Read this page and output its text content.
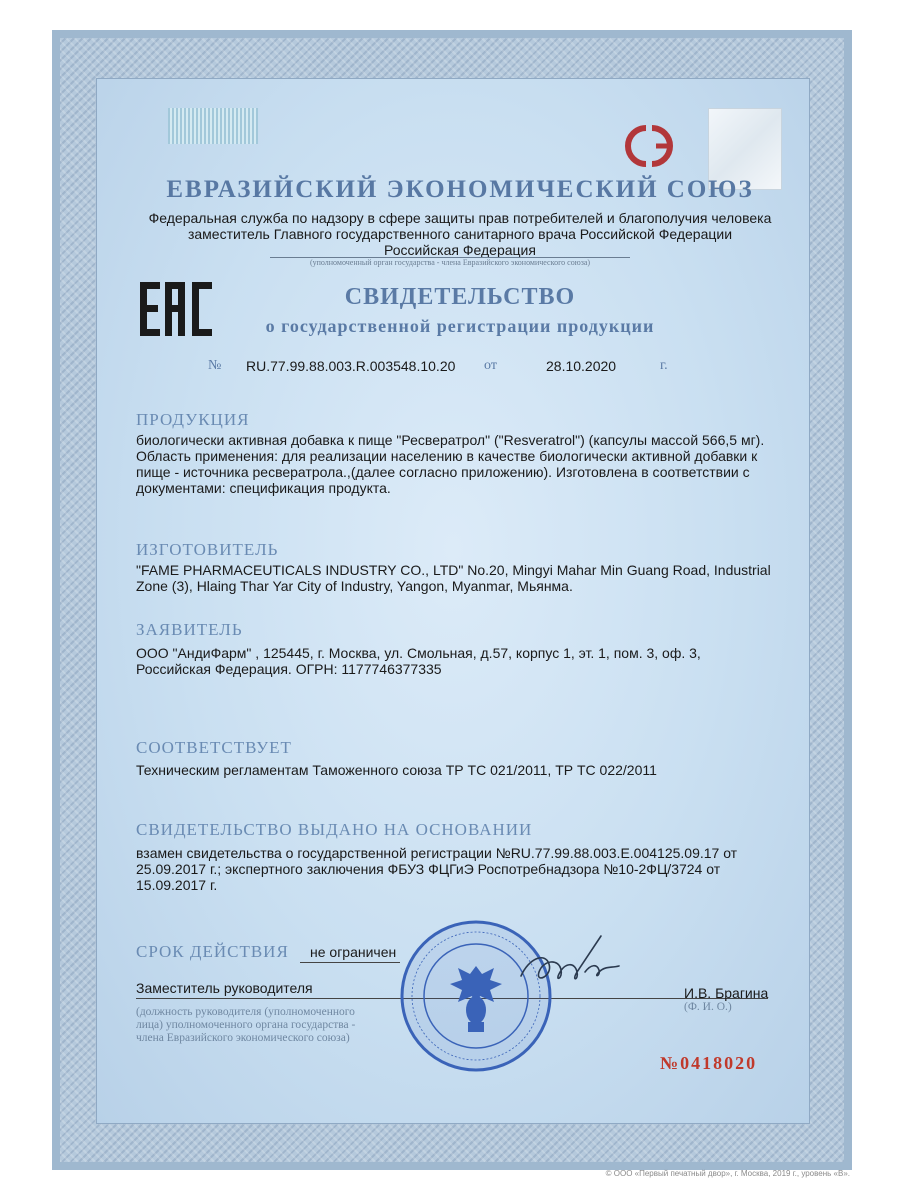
ЕВРАЗИЙСКИЙ ЭКОНОМИЧЕСКИЙ СОЮЗ

Федеральная служба по надзору в сфере защиты прав потребителей и благополучия человека
заместитель Главного государственного санитарного врача Российской Федерации
Российская Федерация

(уполномоченный орган государства - члена Евразийского экономического союза)

СВИДЕТЕЛЬСТВО

о государственной регистрации продукции

№ RU.77.99.88.003.R.003548.10.20 от	28.10.2020	г.

ПРОДУКЦИЯ

биологически активная добавка к пище "Ресвератрол" ("Resveratrol") (капсулы массой 566,5 мг).
Область применения: для реализации населению в качестве биологически активной добавки к
пище - источника ресвератрола.,(далее согласно приложению). Изготовлена в соответствии с
документами: спецификация продукта.

ИЗГОТОВИТЕЛЬ

"FAME PHARMACEUTICALS INDUSTRY CO., LTD" No.20, Mingyi Mahar Min Guang Road, Industrial
Zone (3), Hlaing Thar Yar City of Industry, Yangon, Myanmar, Мьянма.

ЗАЯВИТЕЛЬ

ООО "АндиФарм" , 125445, г. Москва, ул. Смольная, д.57, корпус 1, эт. 1, пом. 3, оф. 3,
Российская Федерация. ОГРН: 1177746377335

СООТВЕТСТВУЕТ

Техническим регламентам Таможенного союза ТР ТС 021/2011, ТР ТС 022/2011

СВИДЕТЕЛЬСТВО ВЫДАНО НА ОСНОВАНИИ

взамен свидетельства о государственной регистрации №RU.77.99.88.003.E.004125.09.17 от
25.09.2017 г.; экспертного заключения ФБУЗ ФЦГиЭ Роспотребнадзора №10-2ФЦ/3724 от
15.09.2017 г.

СРОК ДЕЙСТВИЯ не ограничен
Заместитель руководителя	И.В. Брагина
(Ф. И. О.)
(должность руководителя (уполномоченного
лица) уполномоченного органа государства -
члена Евразийского экономического союза)
№0418020

© ООО «Первый печатный двор», г. Москва, 2019 г., уровень «В».
